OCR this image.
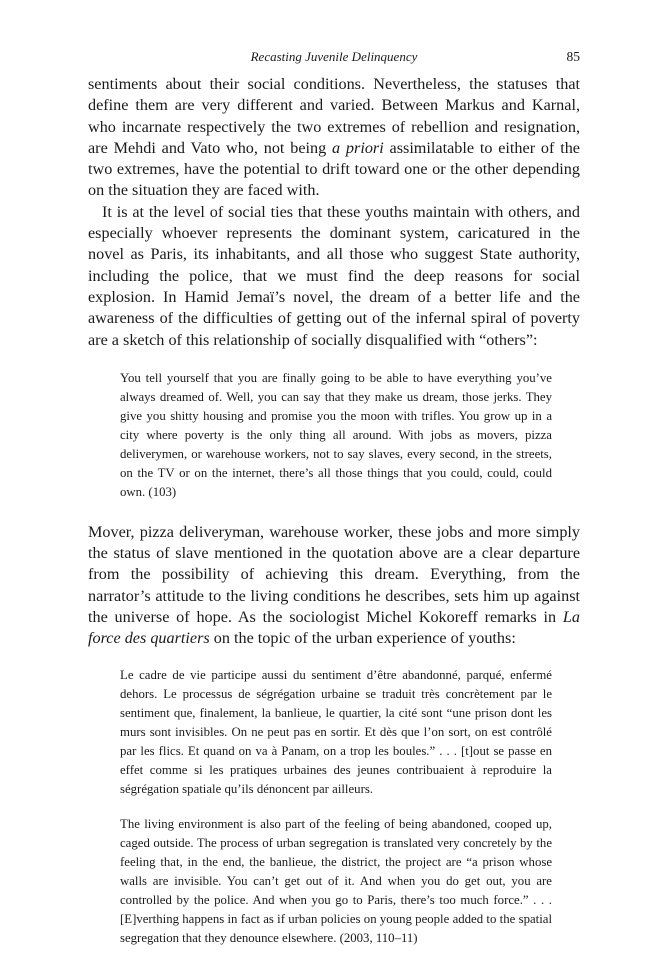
Recasting Juvenile Delinquency	85

sentiments about their social conditions. Nevertheless, the statuses that define them are very different and varied. Between Markus and Karnal, who incarnate respectively the two extremes of rebellion and resignation, are Mehdi and Vato who, not being a priori assimilatable to either of the two extremes, have the potential to drift toward one or the other depending on the situation they are faced with.

It is at the level of social ties that these youths maintain with others, and especially whoever represents the dominant system, caricatured in the novel as Paris, its inhabitants, and all those who suggest State authority, including the police, that we must find the deep reasons for social explosion. In Hamid Jemaï’s novel, the dream of a better life and the awareness of the difficulties of getting out of the infernal spiral of poverty are a sketch of this relationship of socially disqualified with “others”:

You tell yourself that you are finally going to be able to have everything you’ve always dreamed of. Well, you can say that they make us dream, those jerks. They give you shitty housing and promise you the moon with trifles. You grow up in a city where poverty is the only thing all around. With jobs as movers, pizza deliverymen, or warehouse workers, not to say slaves, every second, in the streets, on the TV or on the internet, there’s all those things that you could, could, could own. (103)

Mover, pizza deliveryman, warehouse worker, these jobs and more simply the status of slave mentioned in the quotation above are a clear departure from the possibility of achieving this dream. Everything, from the narrator’s attitude to the living conditions he describes, sets him up against the universe of hope. As the sociologist Michel Kokoreff remarks in La force des quartiers on the topic of the urban experience of youths:

Le cadre de vie participe aussi du sentiment d’être abandonné, parqué, enfermé dehors. Le processus de ségrégation urbaine se traduit très concrètement par le sentiment que, finalement, la banlieue, le quartier, la cité sont “une prison dont les murs sont invisibles. On ne peut pas en sortir. Et dès que l’on sort, on est contrôlé par les flics. Et quand on va à Panam, on a trop les boules.” . . . [t]out se passe en effet comme si les pratiques urbaines des jeunes contribuaient à reproduire la ségrégation spatiale qu’ils dénoncent par ailleurs.

The living environment is also part of the feeling of being abandoned, cooped up, caged outside. The process of urban segregation is translated very concretely by the feeling that, in the end, the banlieue, the district, the project are “a prison whose walls are invisible. You can’t get out of it. And when you do get out, you are controlled by the police. And when you go to Paris, there’s too much force.” . . . [E]verthing happens in fact as if urban policies on young people added to the spatial segregation that they denounce elsewhere. (2003, 110–11)
